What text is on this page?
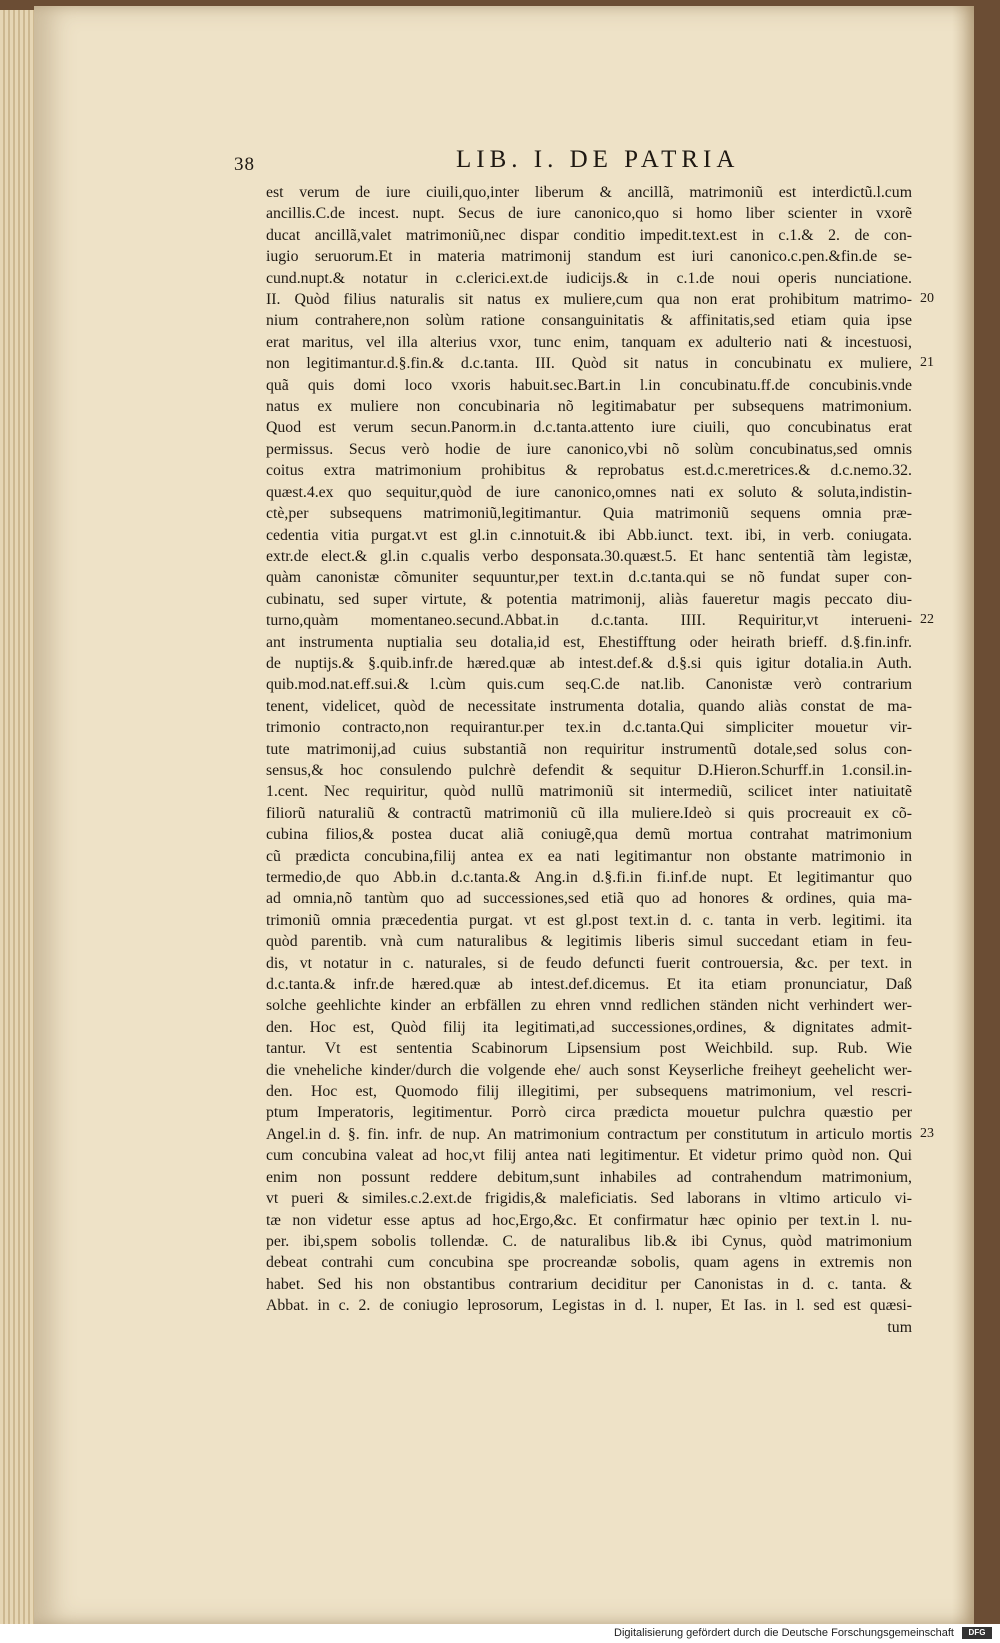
38	LIB. I. DE PATRIA

est verum de iure ciuili,quo,inter liberum & ancillã, matrimoniũ est interdictũ.l.cum

ancillis.C.de incest. nupt. Secus de iure canonico,quo si homo liber scienter in vxorẽ

ducat ancillã,valet matrimoniũ,nec dispar conditio impedit.text.est in c.1.& 2. de con-

iugio seruorum.Et in materia matrimonij standum est iuri canonico.c.pen.&fin.de se-

cund.nupt.& notatur in c.clerici.ext.de iudicijs.& in c.1.de noui operis nunciatione.

II. Quòd filius naturalis sit natus ex muliere,cum qua non erat prohibitum matrimo-

nium contrahere,non solùm ratione consanguinitatis & affinitatis,sed etiam quia ipse

erat maritus, vel illa alterius vxor, tunc enim, tanquam ex adulterio nati & incestuosi,

non legitimantur.d.§.fin.& d.c.tanta. III. Quòd sit natus in concubinatu ex muliere,

quã quis domi loco vxoris habuit.sec.Bart.in l.in concubinatu.ff.de concubinis.vnde

natus ex muliere non concubinaria nõ legitimabatur per subsequens matrimonium.

Quod est verum secun.Panorm.in d.c.tanta.attento iure ciuili, quo concubinatus erat

permissus. Secus verò hodie de iure canonico,vbi nõ solùm concubinatus,sed omnis

coitus extra matrimonium prohibitus & reprobatus est.d.c.meretrices.& d.c.nemo.32.

quæst.4.ex quo sequitur,quòd de iure canonico,omnes nati ex soluto & soluta,indistin-

ctè,per subsequens matrimoniũ,legitimantur. Quia matrimoniũ sequens omnia præ-

cedentia vitia purgat.vt est gl.in c.innotuit.& ibi Abb.iunct. text. ibi, in verb. coniugata.

extr.de elect.& gl.in c.qualis verbo desponsata.30.quæst.5. Et hanc sententiã tàm legistæ,

quàm canonistæ cõmuniter sequuntur,per text.in d.c.tanta.qui se nõ fundat super con-

cubinatu, sed super virtute, & potentia matrimonij, aliàs faueretur magis peccato diu-

turno,quàm momentaneo.secund.Abbat.in d.c.tanta. IIII. Requiritur,vt interueni-

ant instrumenta nuptialia seu dotalia,id est, Ehestifftung oder heirath brieff. d.§.fin.infr.

de nuptijs.& §.quib.infr.de hæred.quæ ab intest.def.& d.§.si quis igitur dotalia.in Auth.

quib.mod.nat.eff.sui.& l.cùm quis.cum seq.C.de nat.lib. Canonistæ verò contrarium

tenent, videlicet, quòd de necessitate instrumenta dotalia, quando aliàs constat de ma-

trimonio contracto,non requirantur.per tex.in d.c.tanta.Qui simpliciter mouetur vir-

tute matrimonij,ad cuius substantiã non requiritur instrumentũ dotale,sed solus con-

sensus,& hoc consulendo pulchrè defendit & sequitur D.Hieron.Schurff.in 1.consil.in-

1.cent. Nec requiritur, quòd nullũ matrimoniũ sit intermediũ, scilicet inter natiuitatẽ

filiorũ naturaliũ & contractũ matrimoniũ cũ illa muliere.Ideò si quis procreauit ex cõ-

cubina filios,& postea ducat aliã coniugẽ,qua demũ mortua contrahat matrimonium

cũ prædicta concubina,filij antea ex ea nati legitimantur non obstante matrimonio in

termedio,de quo Abb.in d.c.tanta.& Ang.in d.§.fi.in fi.inf.de nupt. Et legitimantur quo

ad omnia,nõ tantùm quo ad successiones,sed etiã quo ad honores & ordines, quia ma-

trimoniũ omnia præcedentia purgat. vt est gl.post text.in d. c. tanta in verb. legitimi. ita

quòd parentib. vnà cum naturalibus & legitimis liberis simul succedant etiam in feu-

dis, vt notatur in c. naturales, si de feudo defuncti fuerit controuersia, &c. per text. in

d.c.tanta.& infr.de hæred.quæ ab intest.def.dicemus. Et ita etiam pronunciatur, Daß

solche geehlichte kinder an erbfällen zu ehren vnnd redlichen ständen nicht verhindert wer-

den. Hoc est, Quòd filij ita legitimati,ad successiones,ordines, & dignitates admit-

tantur. Vt est sententia Scabinorum Lipsensium post Weichbild. sup. Rub. Wie

die vneheliche kinder/durch die volgende ehe/ auch sonst Keyserliche freiheyt geehelicht wer-

den. Hoc est, Quomodo filij illegitimi, per subsequens matrimonium, vel rescri-

ptum Imperatoris, legitimentur. Porrò circa prædicta mouetur pulchra quæstio per

Angel.in d. §. fin. infr. de nup. An matrimonium contractum per constitutum in articulo mortis

cum concubina valeat ad hoc,vt filij antea nati legitimentur. Et videtur primo quòd non. Qui

enim non possunt reddere debitum,sunt inhabiles ad contrahendum matrimonium,

vt pueri & similes.c.2.ext.de frigidis,& maleficiatis. Sed laborans in vltimo articulo vi-

tæ non videtur esse aptus ad hoc,Ergo,&c. Et confirmatur hæc opinio per text.in l. nu-

per. ibi,spem sobolis tollendæ. C. de naturalibus lib.& ibi Cynus, quòd matrimonium

debeat contrahi cum concubina spe procreandæ sobolis, quam agens in extremis non

habet. Sed his non obstantibus contrarium deciditur per Canonistas in d. c. tanta. &

Abbat. in c. 2. de coniugio leprosorum, Legistas in d. l. nuper, Et Ias. in l. sed est quæsi-

tum

20
21
22
23
Digitalisierung gefördert durch die Deutsche Forschungsgemeinschaft	DFG
